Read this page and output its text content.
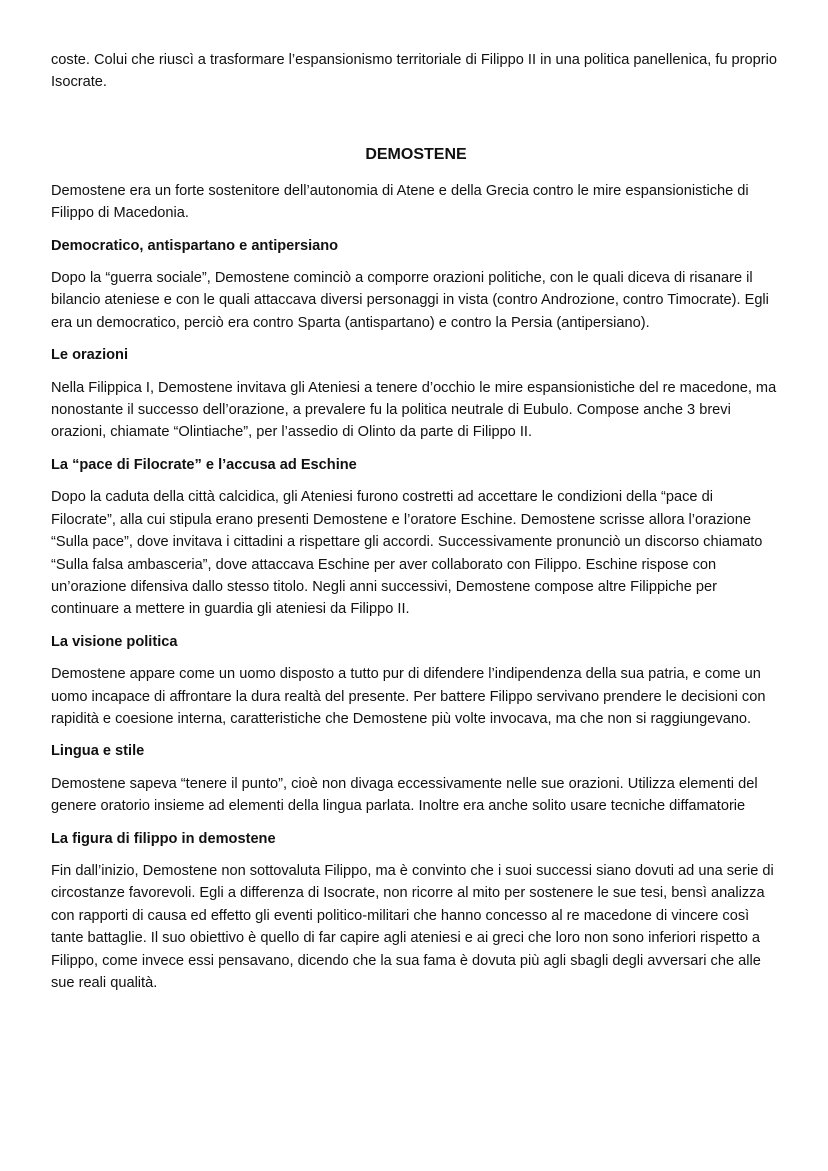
coste. Colui che riuscì a trasformare l’espansionismo territoriale di Filippo II in una politica panellenica, fu proprio Isocrate.

DEMOSTENE

Demostene era un forte sostenitore dell’autonomia di Atene e della Grecia contro le mire espansionistiche di Filippo di Macedonia.

Democratico, antispartano e antipersiano

Dopo la “guerra sociale”, Demostene cominciò a comporre orazioni politiche, con le quali diceva di risanare il bilancio ateniese e con le quali attaccava diversi personaggi in vista (contro Androzione, contro Timocrate). Egli era un democratico, perciò era contro Sparta (antispartano) e contro la Persia (antipersiano).

Le orazioni

Nella Filippica I, Demostene invitava gli Ateniesi a tenere d’occhio le mire espansionistiche del re macedone, ma nonostante il successo dell’orazione, a prevalere fu la politica neutrale di Eubulo. Compose anche 3 brevi orazioni, chiamate “Olintiache”, per l’assedio di Olinto da parte di Filippo II.

La “pace di Filocrate” e l’accusa ad Eschine

Dopo la caduta della città calcidica, gli Ateniesi furono costretti ad accettare le condizioni della “pace di Filocrate”, alla cui stipula erano presenti Demostene e l’oratore Eschine. Demostene scrisse allora l’orazione “Sulla pace”, dove invitava i cittadini a rispettare gli accordi. Successivamente pronunciò un discorso chiamato “Sulla falsa ambasceria”, dove attaccava Eschine per aver collaborato con Filippo. Eschine rispose con un’orazione difensiva dallo stesso titolo. Negli anni successivi, Demostene compose altre Filippiche per continuare a mettere in guardia gli ateniesi da Filippo II.

La visione politica

Demostene appare come un uomo disposto a tutto pur di difendere l’indipendenza della sua patria, e come un uomo incapace di affrontare la dura realtà del presente. Per battere Filippo servivano prendere le decisioni con rapidità e coesione interna, caratteristiche che Demostene più volte invocava, ma che non si raggiungevano.

Lingua e stile

Demostene sapeva “tenere il punto”, cioè non divaga eccessivamente nelle sue orazioni. Utilizza elementi del genere oratorio insieme ad elementi della lingua parlata. Inoltre era anche solito usare tecniche diffamatorie

La figura di filippo in demostene

Fin dall’inizio, Demostene non sottovaluta Filippo, ma è convinto che i suoi successi siano dovuti ad una serie di circostanze favorevoli. Egli a differenza di Isocrate, non ricorre al mito per sostenere le sue tesi, bensì analizza con rapporti di causa ed effetto gli eventi politico-militari che hanno concesso al re macedone di vincere così tante battaglie. Il suo obiettivo è quello di far capire agli ateniesi e ai greci che loro non sono inferiori rispetto a Filippo, come invece essi pensavano, dicendo che la sua fama è dovuta più agli sbagli degli avversari che alle sue reali qualità.
